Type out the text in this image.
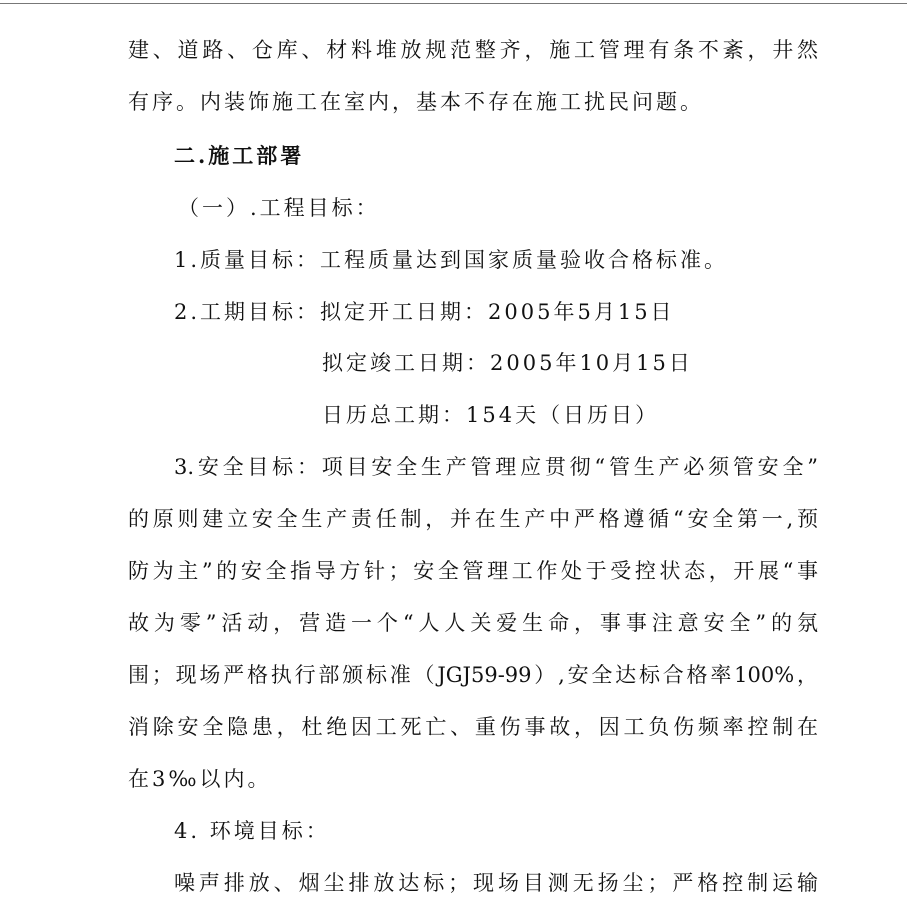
建、道路、仓库、材料堆放规范整齐，施工管理有条不紊，井然
有序。内装饰施工在室内，基本不存在施工扰民问题。
二.施工部署
（一）.工程目标：
1.质量目标：工程质量达到国家质量验收合格标准。
2.工期目标：拟定开工日期：2005年5月15日
拟定竣工日期：2005年10月15日
日历总工期：154天（日历日）
3.安全目标：项目安全生产管理应贯彻“管生产必须管安全”
的原则建立安全生产责任制，并在生产中严格遵循“安全第一,预
防为主”的安全指导方针；安全管理工作处于受控状态，开展“事
故为零”活动，营造一个“人人关爱生命，事事注意安全”的氛
围；现场严格执行部颁标准（JGJ59-99）,安全达标合格率100%，
消除安全隐患，杜绝因工死亡、重伤事故，因工负伤频率控制在
在3‰以内。
4. 环境目标：
噪声排放、烟尘排放达标；现场目测无扬尘；严格控制运输
